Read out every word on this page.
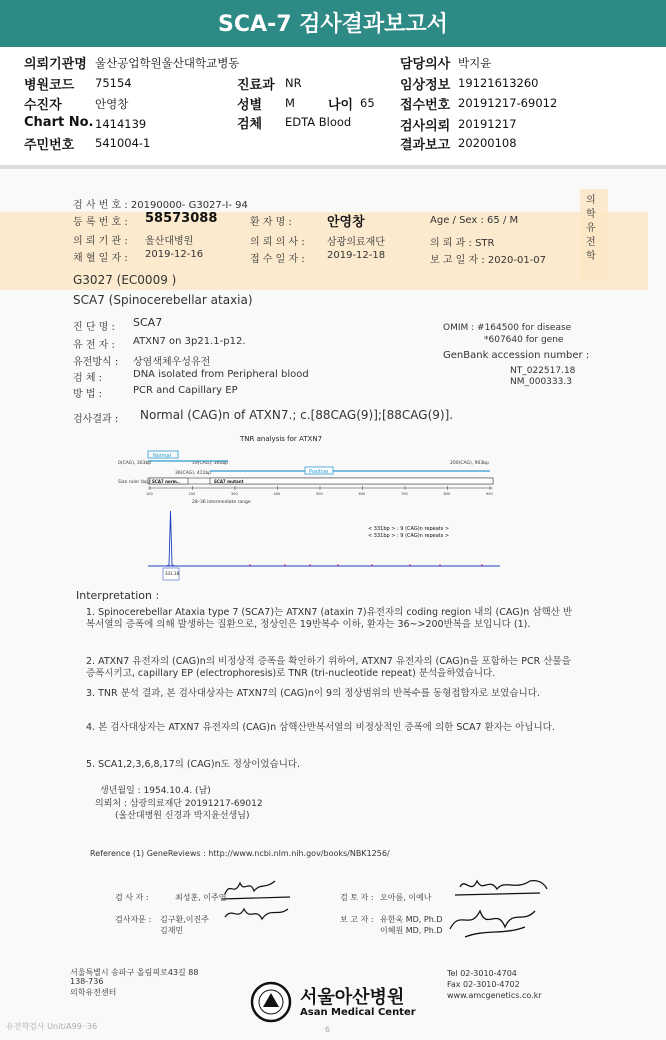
SCA-7 검사결과보고서
의뢰기관명 울산공업학원울산대학교병동	담당의사 박지윤
병원코드 75154	진료과 NR	임상정보 19121613260
수진자	안영창	성별 M	나이 65 접수번호 20191217-69012
Chart No. 1414139	검체 EDTA Blood	검사의뢰 20191217
주민번호 541004-1	결과보고 20200108
검 사 번 호 : 20190000- G3027-I- 94	의학유전학
등 록 번 호 : 58573088	환 자 명 :	안영창	Age / Sex : 65 / M
의 뢰 기 관 : 울산대병원	의 뢰 의 사 : 삼광의료재단	의 뢰 과 : STR
채 혈 일 자 : 2019-12-16	접 수 일 자 : 2019-12-18	보 고 일 자 : 2020-01-07
G3027 (EC0009 )
SCA7 (Spinocerebellar ataxia)
진 단 명 : SCA7
유 전 자 : ATXN7 on 3p21.1-p12.
유전방식 : 상염색체우성유전
검 체 :	DNA isolated from Peripheral blood
방 법 :	PCR and Capillary EP
OMIM : #164500 for disease
*607640 for gene
GenBank accession number :
NT_022517.18
NM_000333.3
검사결과 : Normal (CAG)n of ATXN7.; c.[88CAG(9)];[88CAG(9)].
TNR analysis for ATXN7
Normal
0(CAG), 303bp	19(CAG), 360bp
36(CAG), 411bp	Positive
200(CAG), 903bp
Size ruler (bp) SCA7 norm..	SCA7 mutant
100	200	300	400	500	600	700	800	900
28–36 intermediate range
< 331bp > : 9 (CAG)n repeats >
< 331bp > : 9 (CAG)n repeats >
331.18
Interpretation :
1. Spinocerebellar Ataxia type 7 (SCA7)는 ATXN7 (ataxin 7)유전자의 coding region 내의 (CAG)n 삼핵산 반복서열의 증폭에 의해 발생하는 질환으로, 정상인은 19반복수 이하, 환자는 36~>200반복을 보입니다 (1).
2. ATXN7 유전자의 (CAG)n의 비정상적 증폭을 확인하기 위하여, ATXN7 유전자의 (CAG)n을 포함하는 PCR 산물을 증폭시키고, capillary EP (electrophoresis)로 TNR (tri-nucleotide repeat) 분석을하였습니다.
3. TNR 분석 결과, 본 검사대상자는 ATXN7의 (CAG)n이 9의 정상범위의 반복수를 동형접합자로 보였습니다.
4. 본 검사대상자는 ATXN7 유전자의 (CAG)n 삼핵산반복서열의 비정상적인 증폭에 의한 SCA7 환자는 아닙니다.
5. SCA1,2,3,6,8,17의 (CAG)n도 정상이었습니다.
생년월일 : 1954.10.4. (남)
의뢰처 : 삼광의료재단 20191217-69012
(울산대병원 신경과 박지윤선생님)
Reference (1) GeneReviews : http://www.ncbi.nlm.nih.gov/books/NBK1256/
검 사 자 :	최성훈, 이주연
검사자문 : 김구환,이진주
김재민
검 토 자 : 오아름, 이예나
보 고 자 : 유한욱 MD, Ph.D
이혜원 MD, Ph.D
서울특별시 송파구 올림픽로43길 88
138-736
의학유전센터	서울아산병원
Asan Medical Center
Tel 02-3010-4704
Fax 02-3010-4702
www.amcgenetics.co.kr
유전학검사 Unit/A99··36	6
